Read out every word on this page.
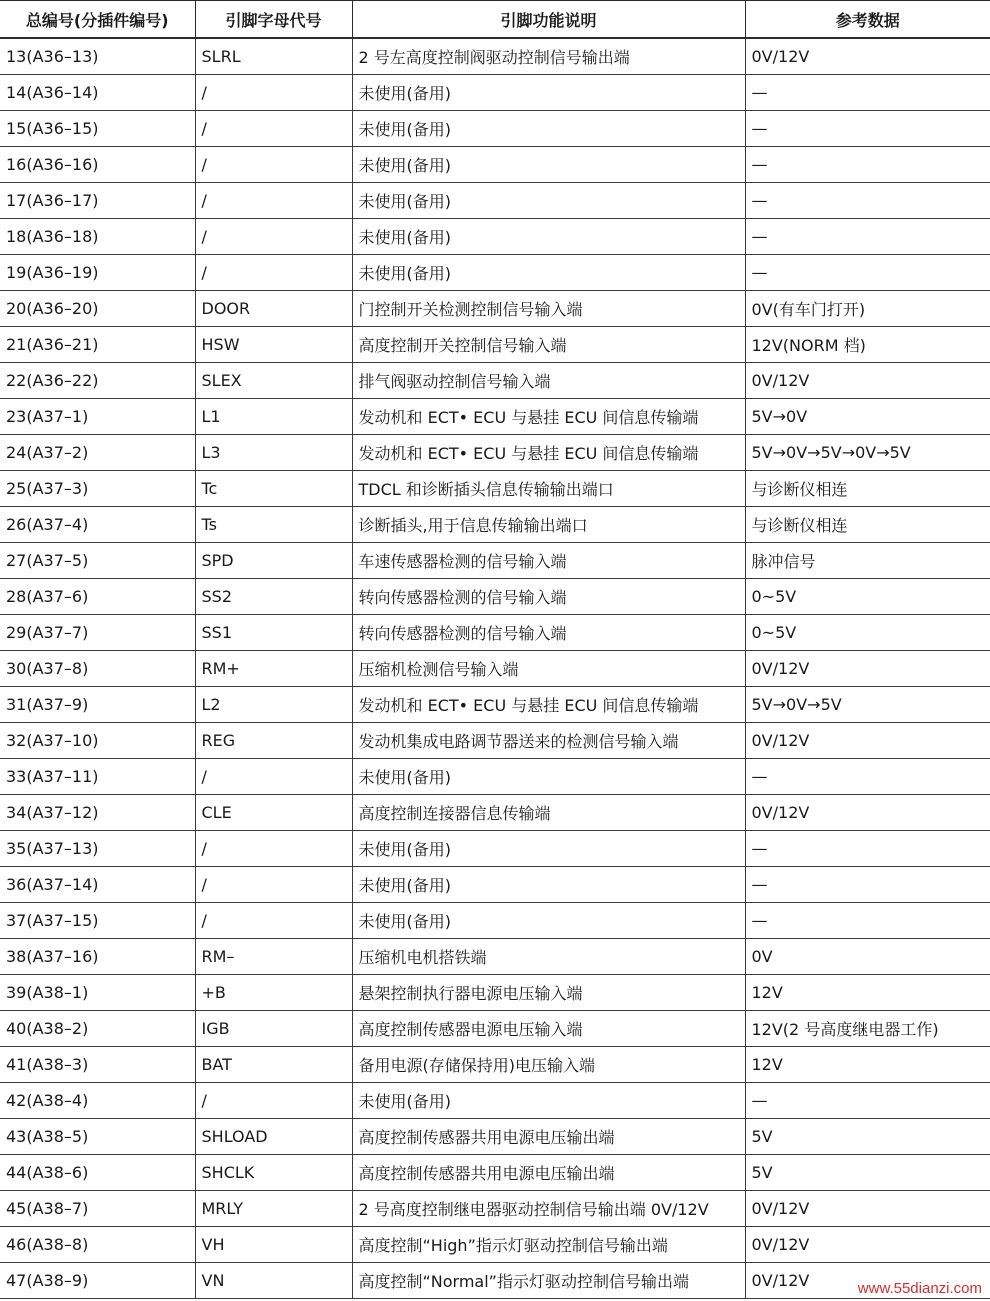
总编号(分插件编号)	引脚字母代号	引脚功能说明	参考数据
13(A36–13)	SLRL	2 号左高度控制阀驱动控制信号输出端	0V/12V
14(A36–14)	/	未使用(备用)	—
15(A36–15)	/	未使用(备用)	—
16(A36–16)	/	未使用(备用)	—
17(A36–17)	/	未使用(备用)	—
18(A36–18)	/	未使用(备用)	—
19(A36–19)	/	未使用(备用)	—
20(A36–20)	DOOR	门控制开关检测控制信号输入端	0V(有车门打开)
21(A36–21)	HSW	高度控制开关控制信号输入端	12V(NORM 档)
22(A36–22)	SLEX	排气阀驱动控制信号输入端	0V/12V
23(A37–1)	L1	发动机和 ECT• ECU 与悬挂 ECU 间信息传输端	5V→0V
24(A37–2)	L3	发动机和 ECT• ECU 与悬挂 ECU 间信息传输端	5V→0V→5V→0V→5V
25(A37–3)	Tc	TDCL 和诊断插头信息传输输出端口	与诊断仪相连
26(A37–4)	Ts	诊断插头,用于信息传输输出端口	与诊断仪相连
27(A37–5)	SPD	车速传感器检测的信号输入端	脉冲信号
28(A37–6)	SS2	转向传感器检测的信号输入端	0~5V
29(A37–7)	SS1	转向传感器检测的信号输入端	0~5V
30(A37–8)	RM+	压缩机检测信号输入端	0V/12V
31(A37–9)	L2	发动机和 ECT• ECU 与悬挂 ECU 间信息传输端	5V→0V→5V
32(A37–10)	REG	发动机集成电路调节器送来的检测信号输入端	0V/12V
33(A37–11)	/	未使用(备用)	—
34(A37–12)	CLE	高度控制连接器信息传输端	0V/12V
35(A37–13)	/	未使用(备用)	—
36(A37–14)	/	未使用(备用)	—
37(A37–15)	/	未使用(备用)	—
38(A37–16)	RM–	压缩机电机搭铁端	0V
39(A38–1)	+B	悬架控制执行器电源电压输入端	12V
40(A38–2)	IGB	高度控制传感器电源电压输入端	12V(2 号高度继电器工作)
41(A38–3)	BAT	备用电源(存储保持用)电压输入端	12V
42(A38–4)	/	未使用(备用)	—
43(A38–5)	SHLOAD	高度控制传感器共用电源电压输出端	5V
44(A38–6)	SHCLK	高度控制传感器共用电源电压输出端	5V
45(A38–7)	MRLY	2 号高度控制继电器驱动控制信号输出端 0V/12V	0V/12V
46(A38–8)	VH	高度控制“High”指示灯驱动控制信号输出端	0V/12V
47(A38–9)	VN	高度控制“Normal”指示灯驱动控制信号输出端	0V/12V	www.55dianzi.com
